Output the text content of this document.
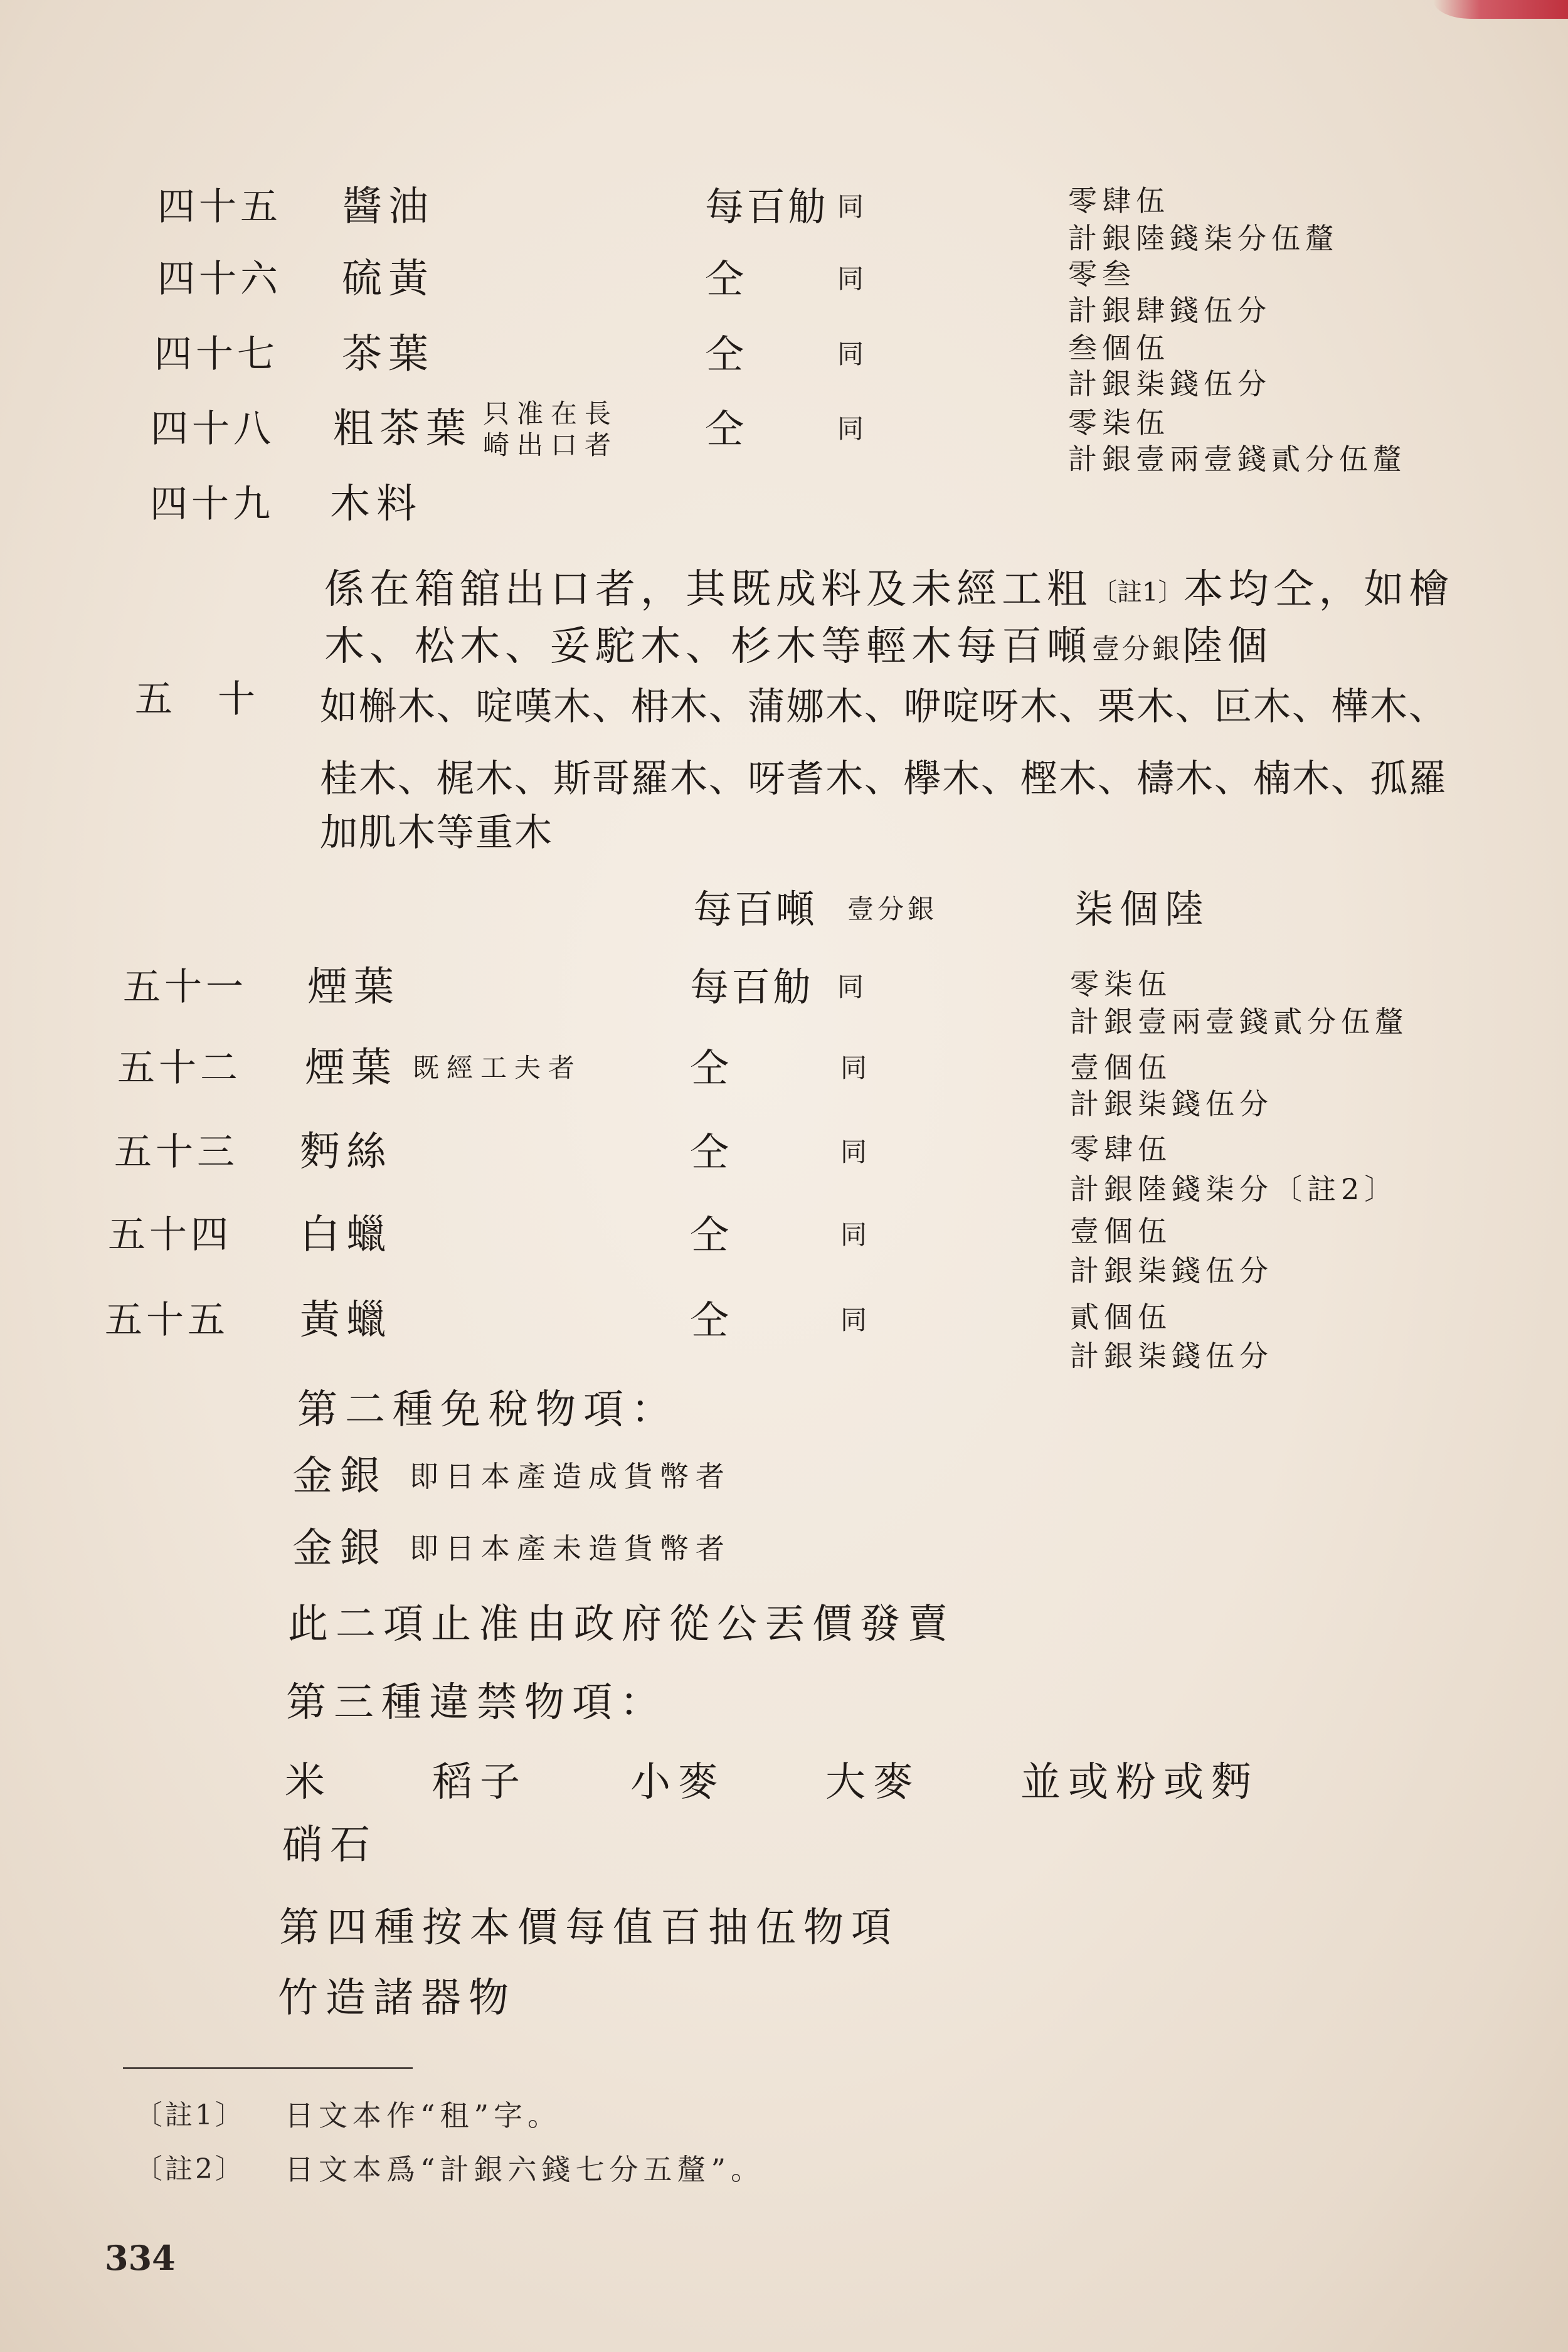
四十五 醬油	每百觔 同	零肆伍
計銀陸錢柒分伍釐
四十六 硫黃	仝	同	零叁
計銀肆錢伍分
四十七 茶葉	仝	同	叁個伍
計銀柒錢伍分
四十八 粗茶葉 只准在長
崎出口者 仝	同	零柒伍
計銀壹兩壹錢貳分伍釐
四十九 木料
係在箱舘出口者，其既成料及未經工粗〔註1〕本均仝，如檜
木、松木、妥駝木、杉木等輕木每百噸壹分銀陸個
五　十 如槲木、啶嘆木、枏木、蒲娜木、咿啶呀木、栗木、叵木、樺木、
桂木、梶木、斯哥羅木、呀耆木、欅木、樫木、檮木、楠木、孤羅
加肌木等重木
每百噸 壹分銀	柒個陸
五十一 煙葉	每百觔 同	零柒伍
計銀壹兩壹錢貳分伍釐
五十二 煙葉 既經工夫者	仝	同	壹個伍
計銀柒錢伍分
五十三 麪絲	仝	同	零肆伍
計銀陸錢柒分〔註2〕
五十四 白蠟	仝	同	壹個伍
計銀柒錢伍分
五十五 黃蠟	仝	同	貳個伍
計銀柒錢伍分
第二種免稅物項：
金銀 即日本產造成貨幣者
金銀 即日本產未造貨幣者
此二項止准由政府從公丟價發賣
第三種違禁物項：
米 稻子	小麥 大麥 並或粉或麪
硝石
第四種按本價每值百抽伍物項
竹造諸器物
〔註1〕 日文本作“租”字。
〔註2〕 日文本爲“計銀六錢七分五釐”。
334
